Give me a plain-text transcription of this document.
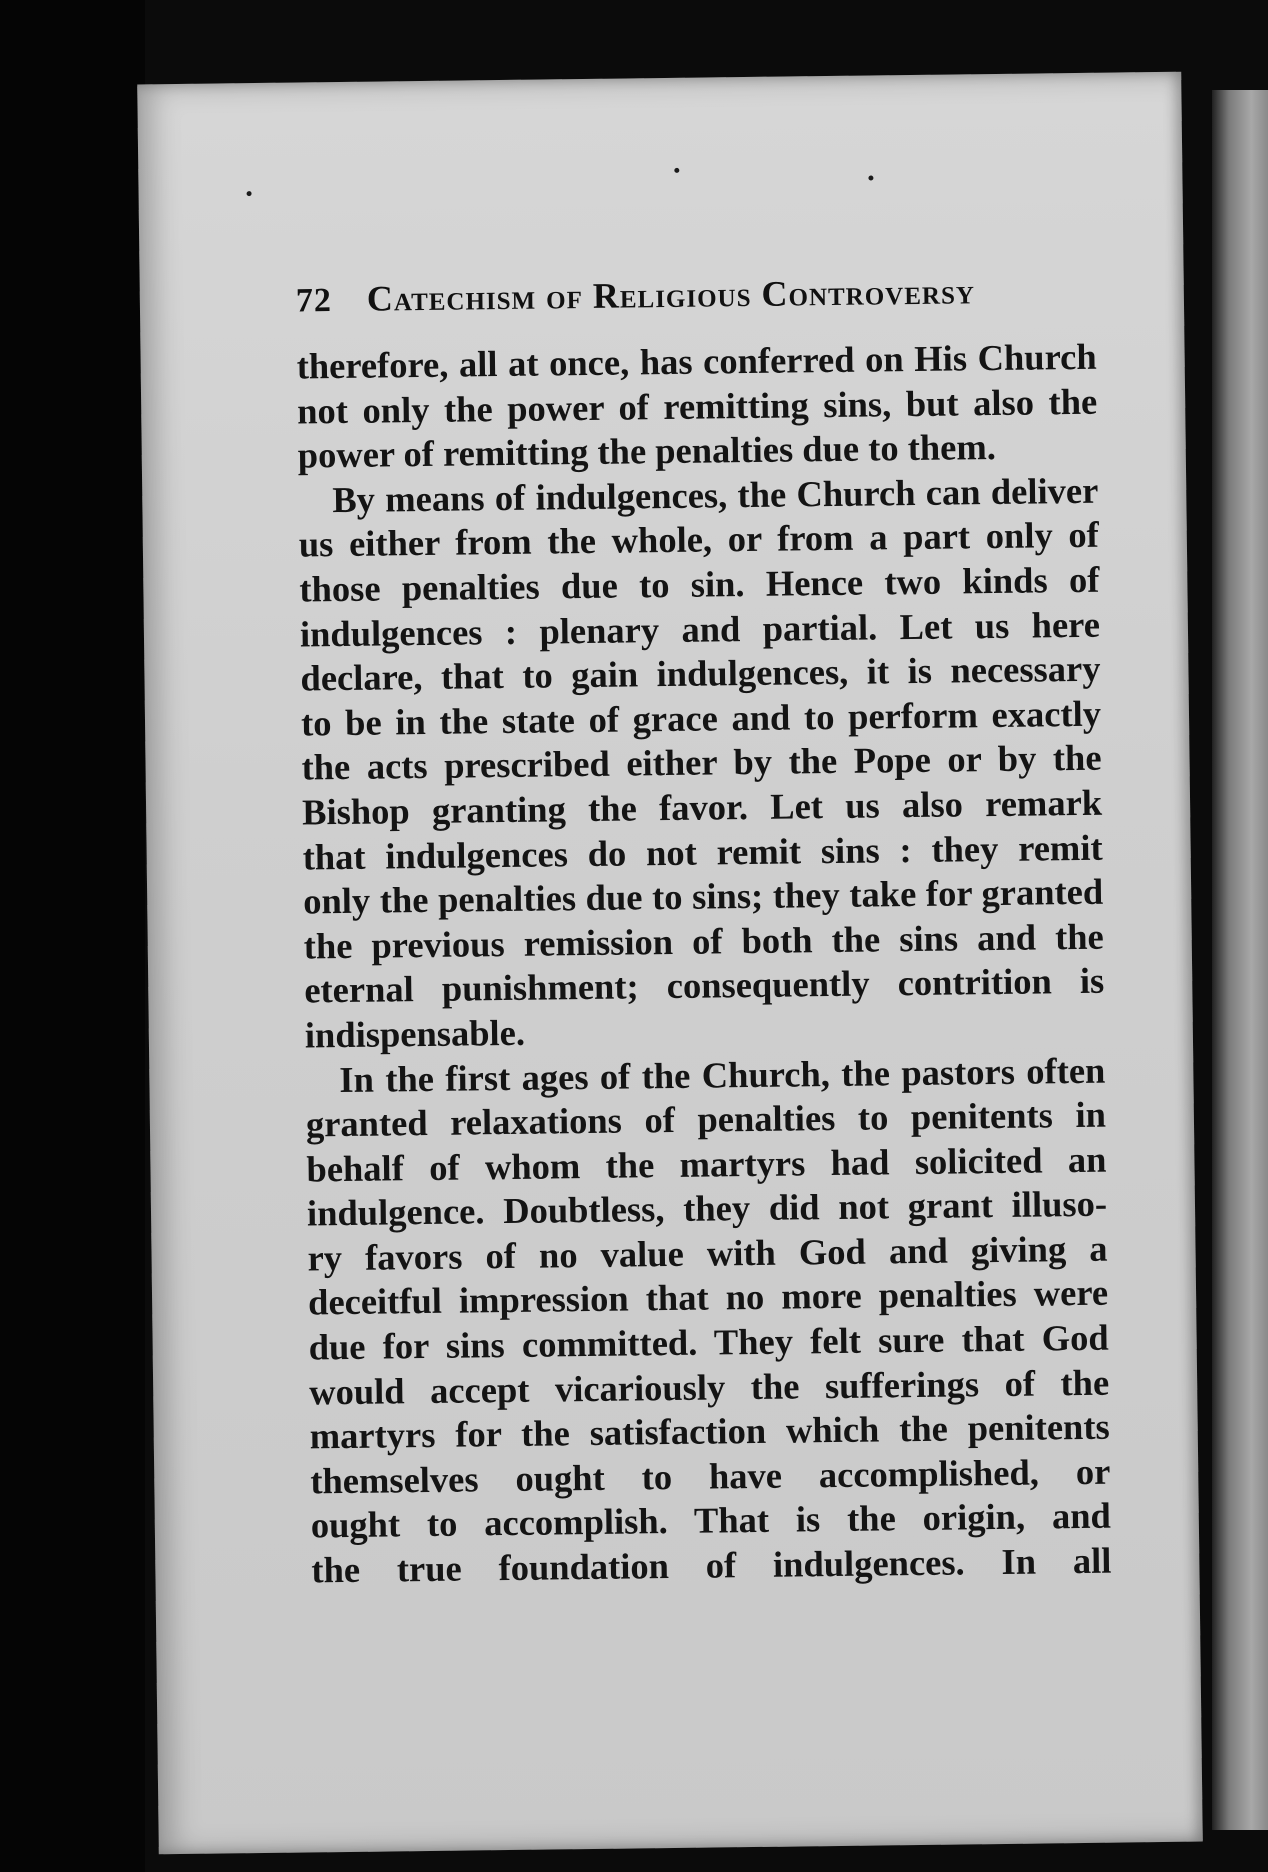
72 Catechism of Religious Controversy
therefore, all at once, has conferred on His Church
not only the power of remitting sins, but also the
power of remitting the penalties due to them.
By means of indulgences, the Church can deliver
us either from the whole, or from a part only of
those penalties due to sin. Hence two kinds of
indulgences : plenary and partial. Let us here
declare, that to gain indulgences, it is necessary
to be in the state of grace and to perform exactly
the acts prescribed either by the Pope or by the
Bishop granting the favor. Let us also remark
that indulgences do not remit sins : they remit
only the penalties due to sins; they take for granted
the previous remission of both the sins and the
eternal punishment; consequently contrition is
indispensable.
In the first ages of the Church, the pastors often
granted relaxations of penalties to penitents in
behalf of whom the martyrs had solicited an
indulgence. Doubtless, they did not grant illuso-
ry favors of no value with God and giving a
deceitful impression that no more penalties were
due for sins committed. They felt sure that God
would accept vicariously the sufferings of the
martyrs for the satisfaction which the penitents
themselves ought to have accomplished, or
ought to accomplish. That is the origin, and
the true foundation of indulgences. In all
